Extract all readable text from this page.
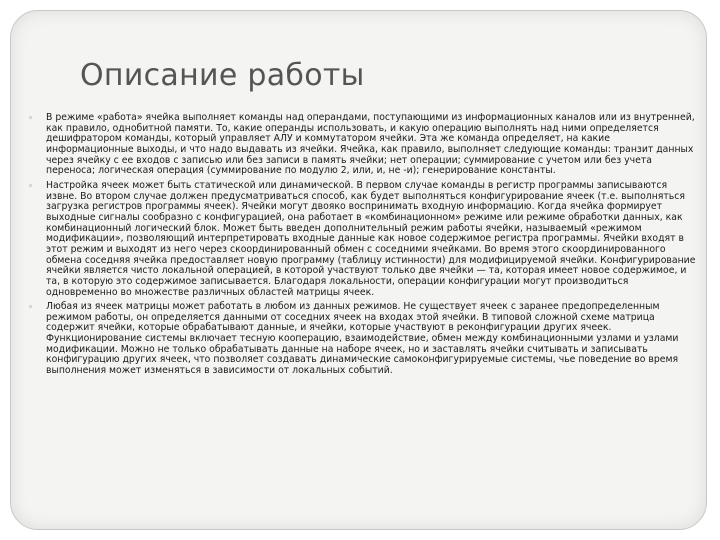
Описание работы
◦ В режиме «работа» ячейка выполняет команды над операндами, поступающими из информационных каналов или из внутренней, как правило, однобитной памяти. То, какие операнды использовать, и какую операцию выполнять над ними определяется дешифратором команды, который управляет АЛУ и коммутатором ячейки. Эта же команда определяет, на какие информационные выходы, и что надо выдавать из ячейки. Ячейка, как правило, выполняет следующие команды: транзит данных через ячейку с ее входов с записью или без записи в память ячейки; нет операции; суммирование с учетом или без учета переноса; логическая операция (суммирование по модулю 2, или, и, не -и); генерирование константы.
◦ Настройка ячеек может быть статической или динамической. В первом случае команды в регистр программы записываются извне. Во втором случае должен предусматриваться способ, как будет выполняться конфигурирование ячеек (т.е. выполняться загрузка регистров программы ячеек). Ячейки могут двояко воспринимать входную информацию. Когда ячейка формирует выходные сигналы сообразно с конфигурацией, она работает в «комбинационном» режиме или режиме обработки данных, как комбинационный логический блок. Может быть введен дополнительный режим работы ячейки, называемый «режимом модификации», позволяющий интерпретировать входные данные как новое содержимое регистра программы. Ячейки входят в этот режим и выходят из него через скоординированный обмен с соседними ячейками. Во время этого скоординированного обмена соседняя ячейка предоставляет новую программу (таблицу истинности) для модифицируемой ячейки. Конфигурирование ячейки является чисто локальной операцией, в которой участвуют только две ячейки — та, которая имеет новое содержимое, и та, в которую это содержимое записывается. Благодаря локальности, операции конфигурации могут производиться одновременно во множестве различных областей матрицы ячеек.
◦ Любая из ячеек матрицы может работать в любом из данных режимов. Не существует ячеек с заранее предопределенным режимом работы, он определяется данными от соседних ячеек на входах этой ячейки. В типовой сложной схеме матрица содержит ячейки, которые обрабатывают данные, и ячейки, которые участвуют в реконфигурации других ячеек. Функционирование системы включает тесную кооперацию, взаимодействие, обмен между комбинационными узлами и узлами модификации. Можно не только обрабатывать данные на наборе ячеек, но и заставлять ячейки считывать и записывать конфигурацию других ячеек, что позволяет создавать динамические самоконфигурируемые системы, чье поведение во время выполнения может изменяться в зависимости от локальных событий.
